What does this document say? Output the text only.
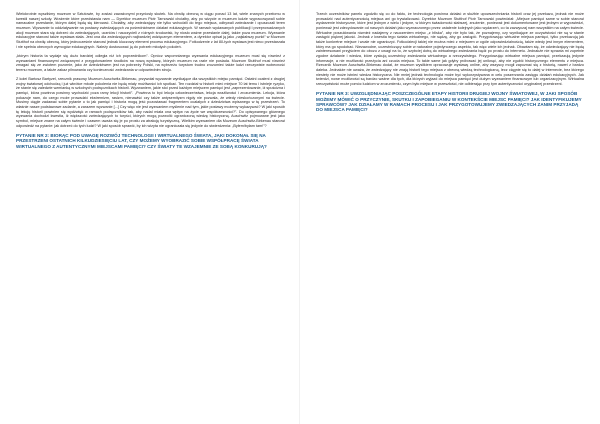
Wielokrotnie wyszliśmy muzeum w Sztutowie, by zostać zaważonymi przyniosły skutek. Na chwilę obecną w ciągu ponad 13 lat, wiele znanych przełomu w kwestii naszej szkoły. Wrażenie które przedstawia nam — Dyrektor muzeum Piotr Tarnowski chciałby, aby po wizycie w muzeum ludzie wypracowywali sobie namacalne przesłanie, którym dalej będą się kierować. Chciałby, aby zwiedzający nie tylko wchodzili do tego miejsca, odbywali zwiedzanie i opuszczali teren muzeum. Wyzwanie to oddziaływanie na postawy zwiedzających za pośrednictwem działań edukacyjnych. W ramach wydawanych publikacji i przeprowadzanych akcji muzeum stara się dotrzeć do zwiedzających, uczniów i nauczycieli z różnych środowisk, by niosło ważne przesłanie dalej, także poza muzeum. Wyzwanie edukacyjne stanowi także wystawa stała. Jest ona dla zwiedzających najbardziej wdzięcznym elementem, a dyrektor opisał ją jako „najsłabszy punkt” w Muzeum Stutthof na chwilę obecną, który jednocześnie stanowi jednak kluczowy element procesu edukacyjnego. Fotkodzenie z lat 80-tych wystawa jest nieco przestarzała i nie spełnia obecnych wymogów edukacyjnych. Należy dostosować ją do potrzeb młodych pokoleń.

„którym historia ta wydaje się dużo bardziej odległa niż ich poprzednikom”. Oprócz wspomnianego wyzwania edukacyjnego muzeum musi się również z wyzwaniami finansowymi związanymi z przygotowaniem środków na nową wystawę, których muzeum na razie nie posiada. Muzeum Stutthof musi również zmagać się ze zwiotem pozornie, jako że dziedzictwem jest na pobrzeży Polski, na wybrzeżu turystom trudno zrozumieć także ludzi rzeczywiste wobecność terenu muzeum, a także zakaz pilnowania czy konieczność zwiedzania w odpowiednim stroju.

Z kolei Bartosz Bartyzel, rzecznik prasowy Muzeum Auschwitz-Birkenau, przywołał wyzwanie wynikające dla wszystkich miejsc pamięci. Ostatni ocaleni z drugiej wojny światowej odchodzą i już wkrótce młode pokolenia nie będą miały możliwości ich spotkać. Ten rozdział w historii mieć miejsce 70 lat temu i istnieje ryzyko, że stanie się zaledwie wzmianką w szkolnych podręcznikach historii. Wyzwaniem, jakie stoi przed każdym miejscem pamięci jest „zaprezentowanie, iż spuścizna i pamięć, która powinna powinny wychodzić poza ramy lekcji historii”. „Powinna to być lekcja człowieczeństwa, lekcja wrażliwości i zrozumienia. Lekcja, która pokazuje nam, do czego może prowadzić ekstremizm, rasizm, nienawiść czy także antysemityzm nigdy nie pozwala, że wtedy nieskończonymi na świecie. Musimy ciągle zadawać sobie pytanie o to jak pamięć i historia mogą jeść pozostawać fragmentem ocalałych z dziedzictwa wpisanego w tę przestrzeń. To właśnie nasze podstawowe zadanie, a zarazem wyzwanie [...] Czy więc nie jest wyzwaniem myślenie nad tym, jakie postawy możemy wykazywać? W jaki sposób tę lekcję historii powinien się wydźwięk w ramach podręczników tak, aby nadal miała ona wpływ na życie we współczesności?”. Do opisywanego głównego wyzwania dochodzi kwestia, iż większość zwiedzających to turyści, których mogą pozwolić ograniczoną wiedzę historyczną. Auschwitz pojmowane jest jako symbol, miejsce znane na całym świecie i czasem uważa się je po prostu za atrakcję turystyczną. Wielkim wyzwaniem dla Muzeum Auschwitz-Birkenau stanowi odpowiedź na pytanie: jak dotrzeć do tych ludzi? W jaki sposób sprawić, by ich wizyta nie ograniczała się jedynie do stwierdzenia: „Byłem/byłam tam!”?

PYTANIE NR 2: BIORĄC POD UWAGĘ ROZWÓJ TECHNOLOGII I WIRTUALNEGO ŚWIATA, JAKI DOKONAŁ SIĘ NA PRZESTRZENI OSTATNICH KILKUDZIESIĘCIU LAT, CZY MOŻEMY WYOBRAZIĆ SOBIE WSPÓŁPRACĘ ŚWIATA WIRTUALNEGO Z AUTENTYCZNYMI MIEJSCAMI PAMIĘCI? CZY ŚWIATY TE WZAJEMNIE ZE SOBĄ KONKURUJĄ?

Trzech uczestników panelu zgodziło się co do faktu, że technologia powinna działać w służbie upowszechniania historii oraz jej przekazu, jednak nie może prowadzić nad autentycznością miejsca ani go trywializować. Dyrektor Muzeum Stutthof Piotr Tarnowski powiedział: „Miejsce pamięci same w sobie stanowi wydarzenie historyczne, które jest jednym z wielu i jedyne, w którym świadomość słabszej, znużenie, ponieważ jest dokumentowane jest jednym w wypowiedzi, ponieważ jest zdecydowanie od naszych działań jako wyznaczonego przez ustalenie kolejnych jako wydarzeń, co ta zazwyczaj nam wszystkim na całym świecie. Wirtualne poszukiwania również nadajemy z nauczeniem miejsc „z bliska”, aby nie było tak, że poznajemy, czy wynikające ze oczywistości nie są w stanie zastąpić pięknej jakość. Jednak z kwestia tego świata wirtualnego, nie sądzę, aby go zastąpić. Przygotowując wirtualne miejsca pamięci, tylko przekazują jak także konkretne miejsce i wcale nie ograniczyć. Fotkodziecji takiej nie można mieć z miejscem w ogóle odpowiedzialnością, także wtedy jest innym elementem, który ma go spodobać. Niezawodne, uczestniczący sobie w naturalne pojedynczego aspektu, tak więc wiele ich jednak. Obawiam się, że odwiedzający nie będą zainteresowani przyjściem do obozu z uwagi na to, że szybciej dotrą do wirtualnego zwiedzania bądź po prostu do internetu. Jednakże nie sprawia mi zupełnie zgodne działanie i wiedza, które zyskują uczestnicy zwiedzania wirtualnego a rzeczywistego. Przygotowując wirtualne miejsca pamięci, przekazują jedynie informacje, a nie możliwość przeżycia ani czucia miejsca. To takie same jak gdyby próbować jej uniknąć, aby nie zgubić historycznego elementu z miejsca. Rzecznik Muzeum Auschwitz-Birkenau dodał, że muzeum wysiłkiem opracowuje wystawę online, aby wszyscy mogli zapoznać się z historią, nawet z bardzo daleka. Jednakże nie uważa, że zwiedzający nie znają historii tego miejsca z obecną wiedzą technologiczną, lecz ciągnie się to dalej w internecie, bez którego niestety nie może istnieć wiedza historyczna. Nie mniej jednak technologia może być wykorzystywana w celu poszerzania zasięgu działań edukacyjnych. Jak twierdzi, nowe możliwości są bardzo ważne dla tych, dla których wyjazd do miejsca pamięci jest dużym wyzwaniem finansowym lub organizacyjnym. Wirtualna rzeczywistość może pomóc ludziom w zrozumieniu, czym było miejsce w przeszłości, nie odbierając przy tym autentyczności oryginalnej przestrzeni.

PYTANIE NR 3: UWZGLĘDNIAJĄC POSZCZEGÓLNE ETAPY HISTORII DRUGIEJ WOJNY ŚWIATOWEJ, W JAKI SPOSÓB MOŻEMY MÓWIĆ O PRZYCZYNIE, SKUTKU I ZAPOBIEGANIU W KONTEKŚCIE MIEJSC PAMIĘCI? JAK IDENTYFIKUJEMY SPRAWCÓW? JAK DZIAŁAMY W RAMACH PROCESU I JAK PRZYGOTOWUJEMY ZWIEDZAJĄCYCH ZANIM PRZYJADĄ DO MIEJSCA PAMIĘCI?
